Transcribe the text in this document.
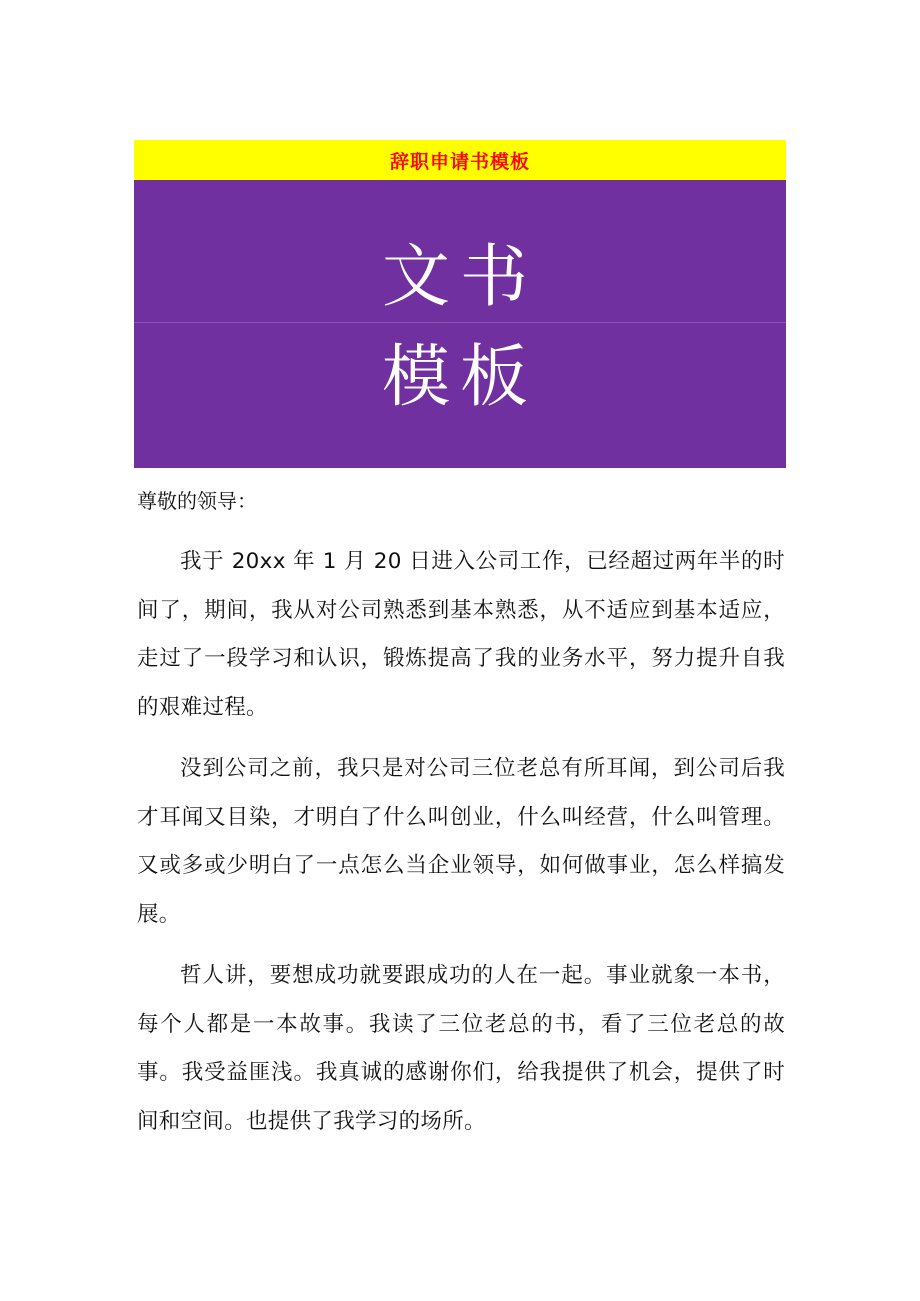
辞职申请书模板
文书
模板

尊敬的领导：

我于 20xx 年 1 月 20 日进入公司工作，已经超过两年半的时间了，期间，我从对公司熟悉到基本熟悉，从不适应到基本适应，走过了一段学习和认识，锻炼提高了我的业务水平，努力提升自我的艰难过程。

没到公司之前，我只是对公司三位老总有所耳闻，到公司后我才耳闻又目染，才明白了什么叫创业，什么叫经营，什么叫管理。又或多或少明白了一点怎么当企业领导，如何做事业，怎么样搞发展。

哲人讲，要想成功就要跟成功的人在一起。事业就象一本书，每个人都是一本故事。我读了三位老总的书，看了三位老总的故事。我受益匪浅。我真诚的感谢你们，给我提供了机会，提供了时间和空间。也提供了我学习的场所。
